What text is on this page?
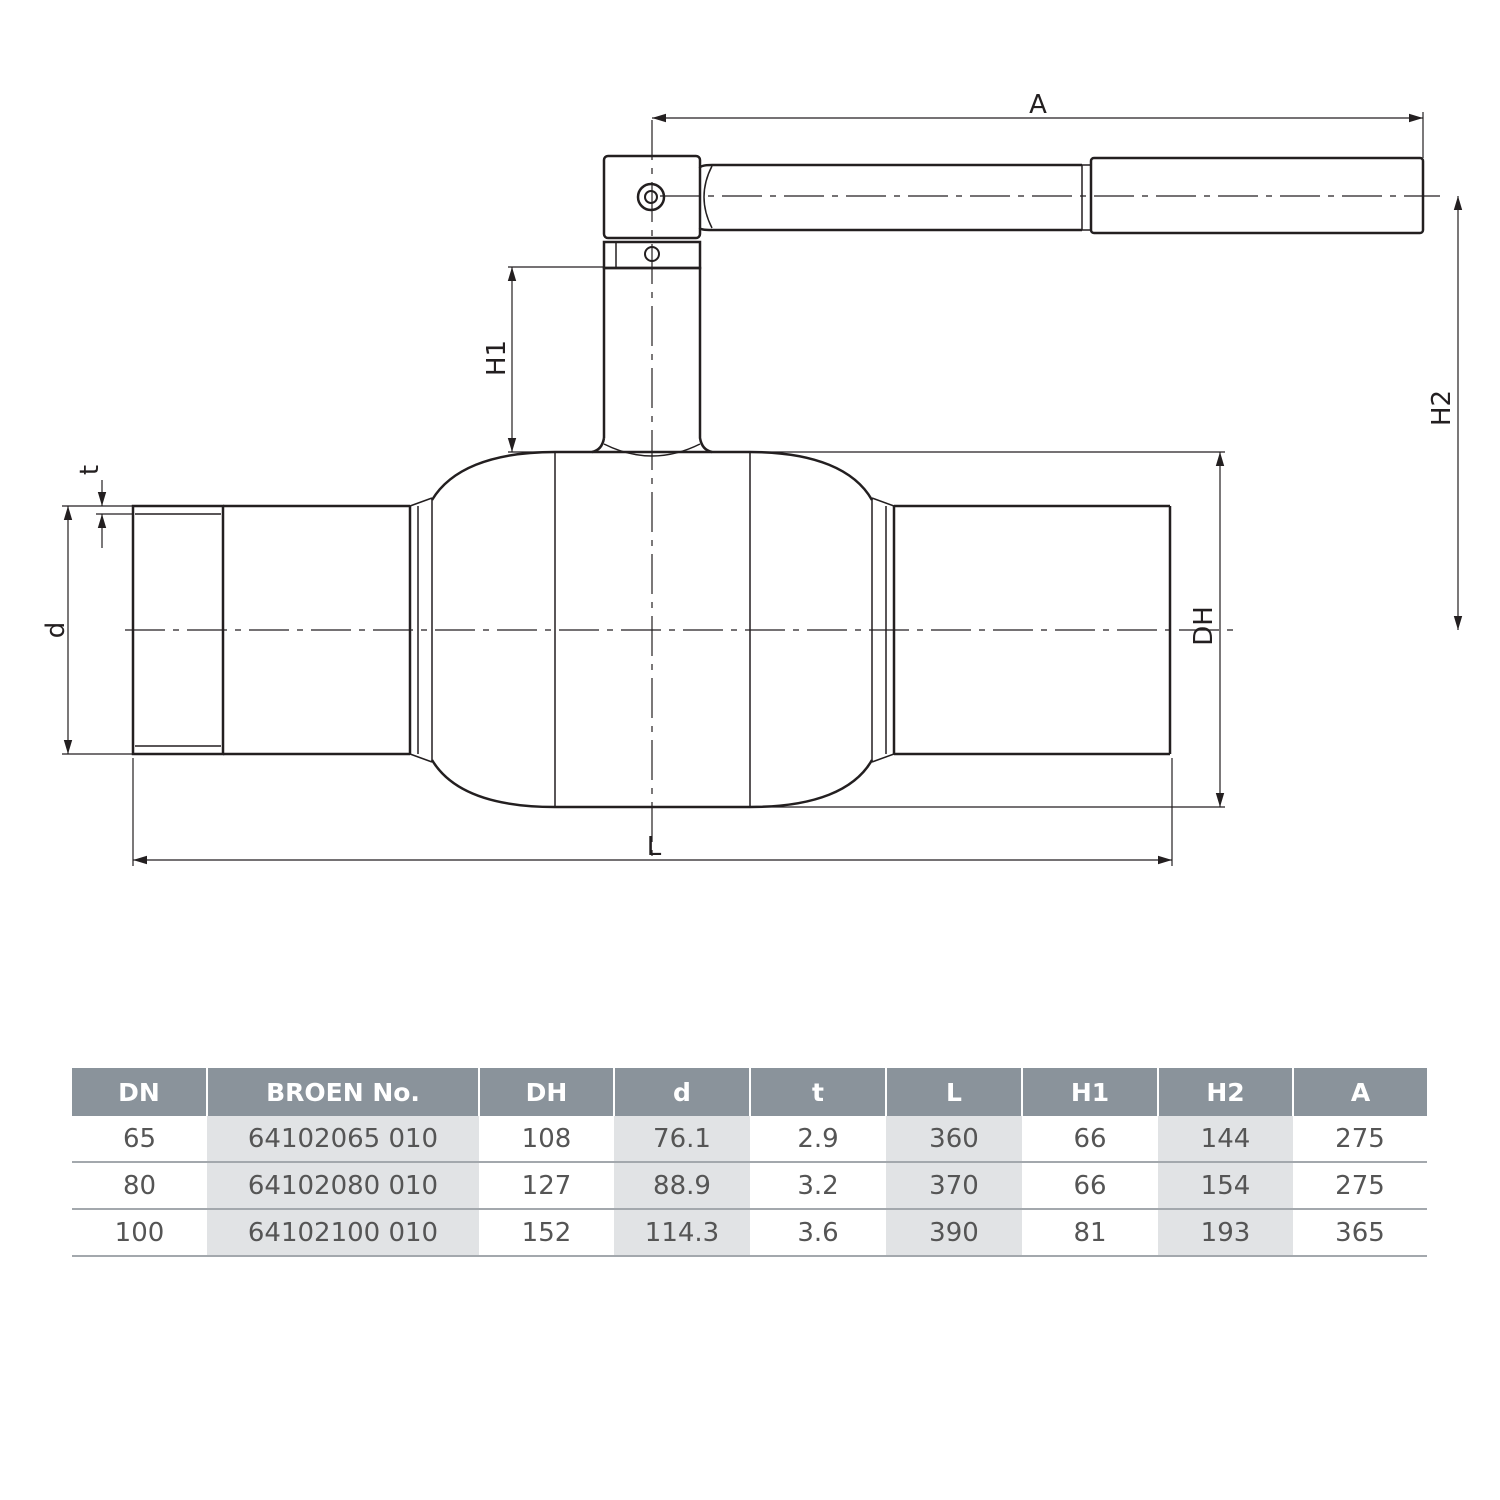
A
H1
H2
t
d	DH
L
DN	BROEN No.	DH	d	t	L	H1	H2	A
65	64102065 010	108	76.1	2.9	360	66	144	275
80	64102080 010	127	88.9	3.2	370	66	154	275
100	64102100 010	152	114.3	3.6	390	81	193	365
